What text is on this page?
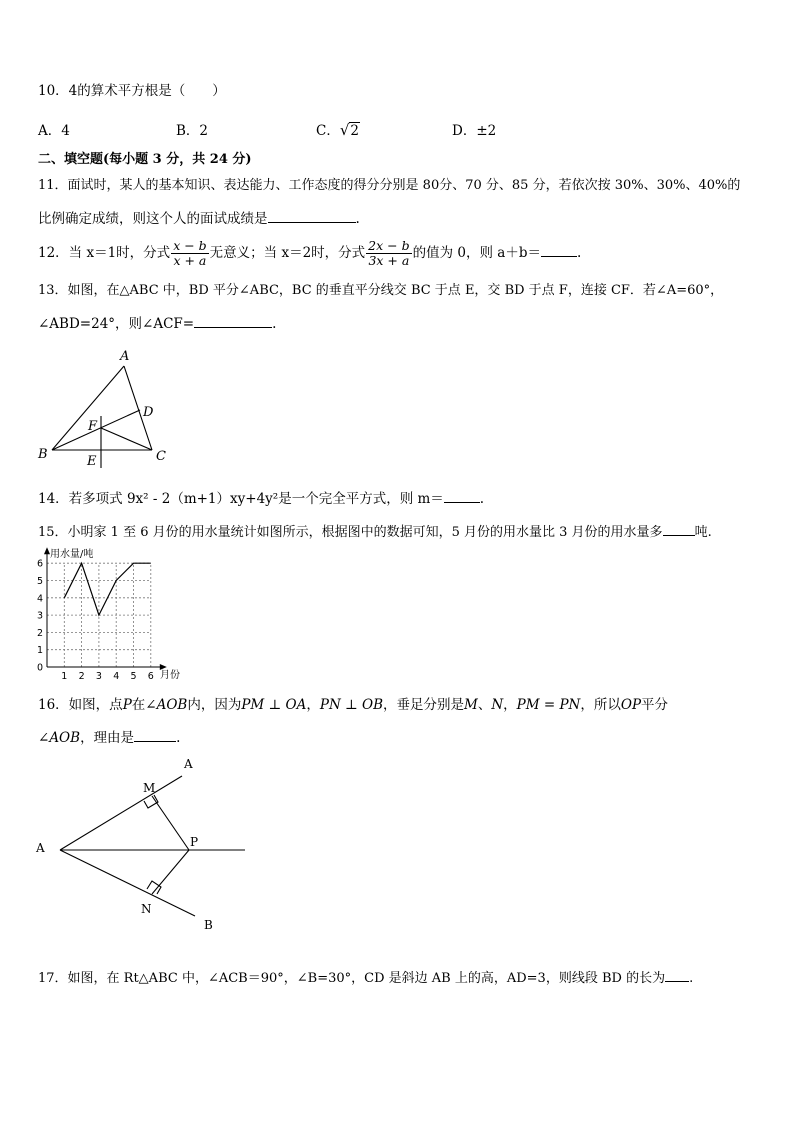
10．4的算术平方根是（　　）
A．4	B．2	C．√2	D．±2
二、填空题(每小题 3 分，共 24 分)
11．面试时，某人的基本知识、表达能力、工作态度的得分分别是 80分、70 分、85 分，若依次按 30%、30%、40%的
比例确定成绩，则这个人的面试成绩是	.
12．当 x＝1时，分式 $\frac{x - b}{x + a}$ 无意义；当 x＝2时，分式 $\frac{2x - b}{3x + a}$ 的值为 0，则 a＋b＝	.
13．如图，在△ABC 中，BD 平分∠ABC，BC 的垂直平分线交 BC 于点 E，交 BD 于点 F，连接 CF．若∠A=60°，
∠ABD=24°，则∠ACF=	.
A
B	C
D
E
F
14．若多项式 9x² - 2（m+1）xy+4y²是一个完全平方式，则 m＝	.
15．小明家 1 至 6 月份的用水量统计如图所示，根据图中的数据可知，5 月份的用水量比 3 月份的用水量多 吨.
1 2 3 4 5 6
0
1
2
3
4
5
6
用水量/吨
月份
16．如图，点P在∠AOB内，因为PM ⊥ OA，PN ⊥ OB，垂足分别是M、N，PM = PN，所以OP平分
∠AOB，理由是	.
A
A
M
P
N
B
17．如图，在 Rt△ABC 中，∠ACB＝90°，∠B=30°，CD 是斜边 AB 上的高，AD=3，则线段 BD 的长为 .
